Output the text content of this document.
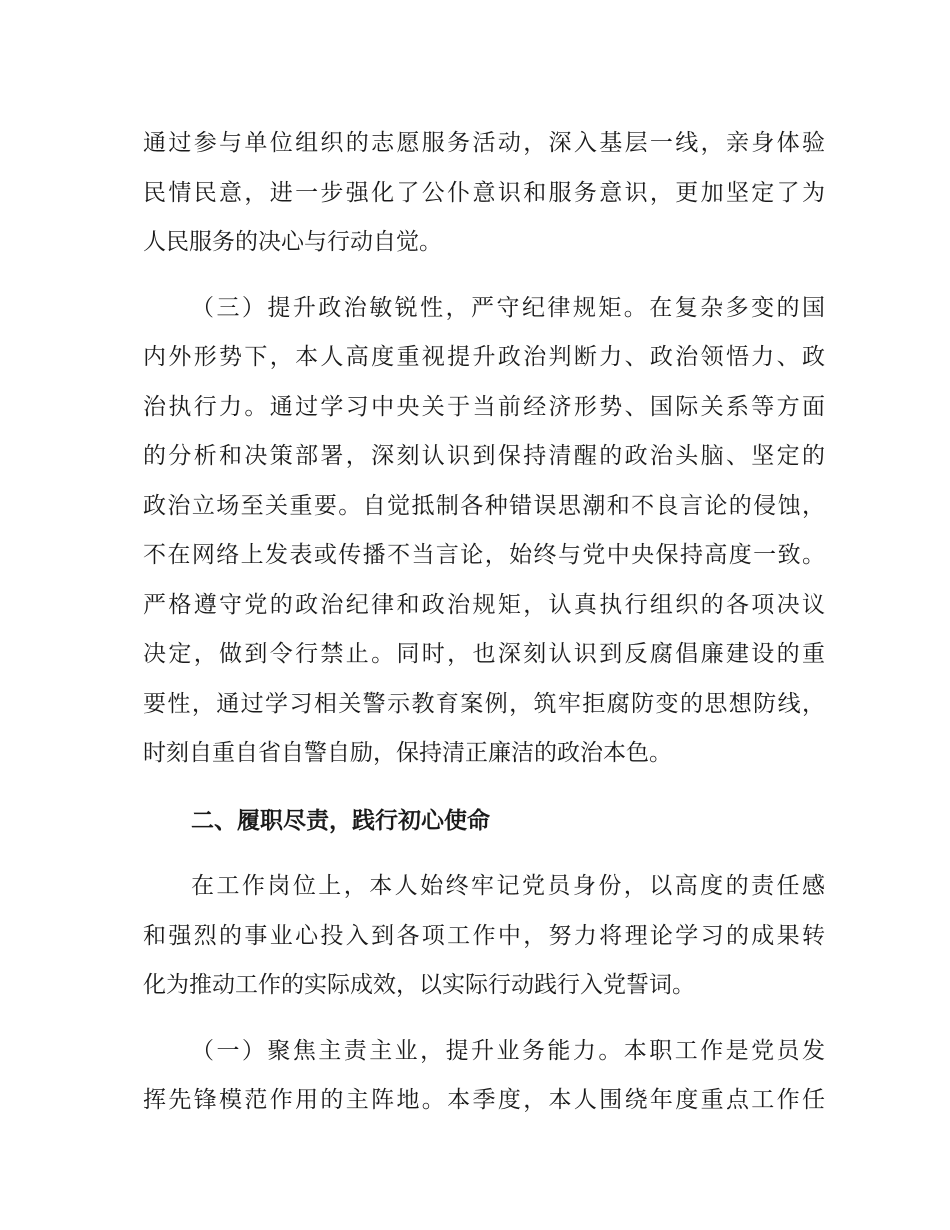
通过参与单位组织的志愿服务活动，深入基层一线，亲身体验
民情民意，进一步强化了公仆意识和服务意识，更加坚定了为
人民服务的决心与行动自觉。
（三）提升政治敏锐性，严守纪律规矩。在复杂多变的国
内外形势下，本人高度重视提升政治判断力、政治领悟力、政
治执行力。通过学习中央关于当前经济形势、国际关系等方面
的分析和决策部署，深刻认识到保持清醒的政治头脑、坚定的
政治立场至关重要。自觉抵制各种错误思潮和不良言论的侵蚀，
不在网络上发表或传播不当言论，始终与党中央保持高度一致。
严格遵守党的政治纪律和政治规矩，认真执行组织的各项决议
决定，做到令行禁止。同时，也深刻认识到反腐倡廉建设的重
要性，通过学习相关警示教育案例，筑牢拒腐防变的思想防线，
时刻自重自省自警自励，保持清正廉洁的政治本色。
二、履职尽责，践行初心使命
在工作岗位上，本人始终牢记党员身份，以高度的责任感
和强烈的事业心投入到各项工作中，努力将理论学习的成果转
化为推动工作的实际成效，以实际行动践行入党誓词。
（一）聚焦主责主业，提升业务能力。本职工作是党员发
挥先锋模范作用的主阵地。本季度，本人围绕年度重点工作任
